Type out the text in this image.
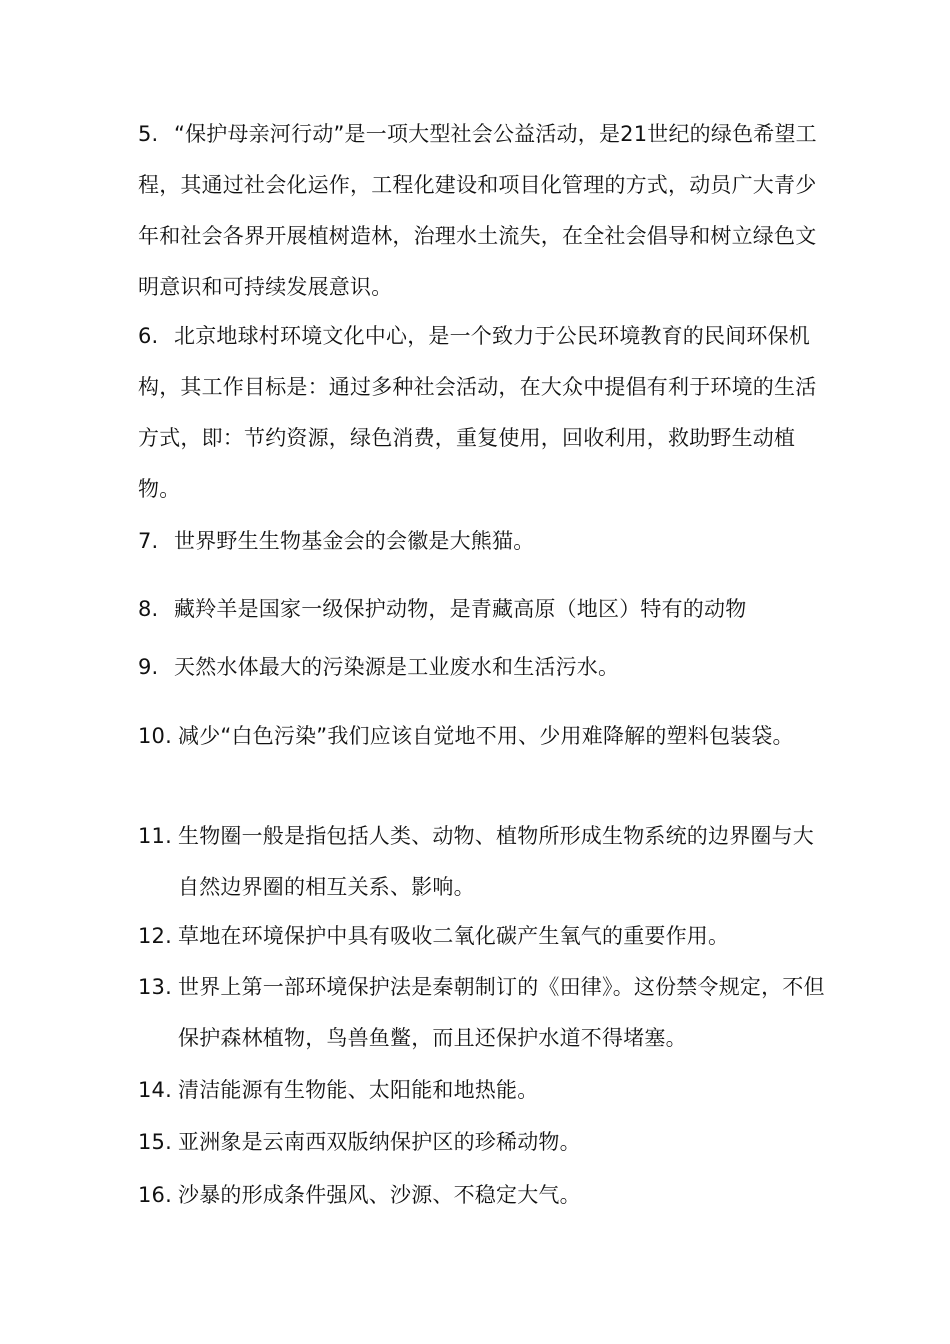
5. “保护母亲河行动”是一项大型社会公益活动，是21世纪的绿色希望工程，其通过社会化运作，工程化建设和项目化管理的方式，动员广大青少年和社会各界开展植树造林，治理水土流失，在全社会倡导和树立绿色文明意识和可持续发展意识。
6. 北京地球村环境文化中心，是一个致力于公民环境教育的民间环保机构，其工作目标是：通过多种社会活动，在大众中提倡有利于环境的生活方式，即：节约资源，绿色消费，重复使用，回收利用，救助野生动植物。
7. 世界野生生物基金会的会徽是大熊猫。
8. 藏羚羊是国家一级保护动物，是青藏高原（地区）特有的动物
9. 天然水体最大的污染源是工业废水和生活污水。
10. 减少“白色污染”我们应该自觉地不用、少用难降解的塑料包装袋。
11. 生物圈一般是指包括人类、动物、植物所形成生物系统的边界圈与大自然边界圈的相互关系、影响。
12. 草地在环境保护中具有吸收二氧化碳产生氧气的重要作用。
13. 世界上第一部环境保护法是秦朝制订的《田律》。这份禁令规定，不但保护森林植物，鸟兽鱼鳖，而且还保护水道不得堵塞。
14. 清洁能源有生物能、太阳能和地热能。
15. 亚洲象是云南西双版纳保护区的珍稀动物。
16. 沙暴的形成条件强风、沙源、不稳定大气。
